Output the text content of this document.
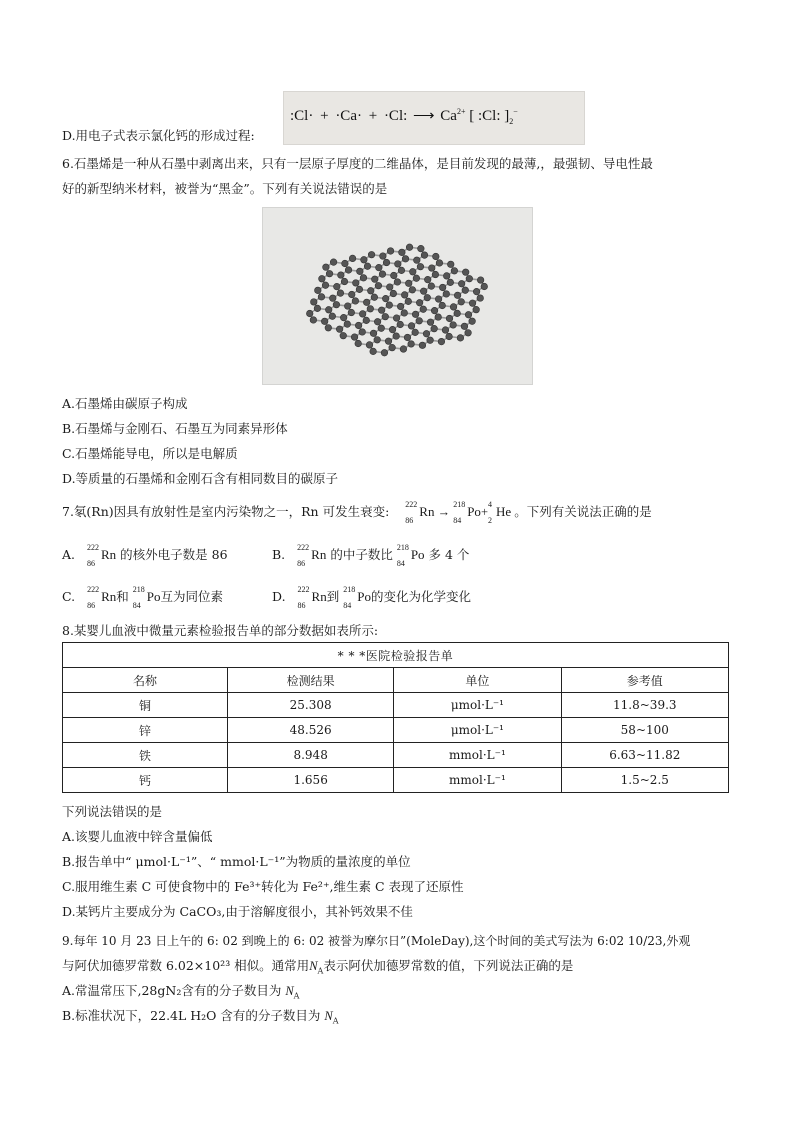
D.用电子式表示氯化钙的形成过程:
:Cl· + ·Ca· + ·Cl: ⟶ $Ca^{2+}$ [ :Cl: ]$_2^-$
6.石墨烯是一种从石墨中剥离出来，只有一层原子厚度的二维晶体，是目前发现的最薄,，最强韧、导电性最
好的新型纳米材料，被誉为“黑金”。下列有关说法错误的是
A.石墨烯由碳原子构成
B.石墨烯与金刚石、石墨互为同素异形体
C.石墨烯能导电，所以是电解质
D.等质量的石墨烯和金刚石含有相同数目的碳原子
7.氡(Rn)因具有放射性是室内污染物之一，Rn 可发生衰变: 222
86
Rn →
218
84
Po+
4
2
He 。下列有关说法正确的是
A. 222
86
Rn 的核外电子数是 86	B. 222
86
Rn 的中子数比 218
84
Po 多 4 个
C. 222
86
Rn和 218
84
Po互为同位素	D. 222
86
Rn到 218
84
Po的变化为化学变化
8.某婴儿血液中微量元素检验报告单的部分数据如表所示:
* * *医院检验报告单			
名称	检测结果	单位	参考值
铜	25.308	μmol·L⁻¹	11.8~39.3
锌	48.526	μmol·L⁻¹	58~100
铁	8.948	mmol·L⁻¹	6.63~11.82
钙	1.656	mmol·L⁻¹	1.5~2.5
下列说法错误的是
A.该婴儿血液中锌含量偏低
B.报告单中“ μmol·L⁻¹”、“ mmol·L⁻¹”为物质的量浓度的单位
C.服用维生素 C 可使食物中的 Fe³⁺转化为 Fe²⁺,维生素 C 表现了还原性
D.某钙片主要成分为 CaCO₃,由于溶解度很小，其补钙效果不佳
9.每年 10 月 23 日上午的 6: 02 到晚上的 6: 02 被誉为摩尔日”(MoleDay),这个时间的美式写法为 6:02 10/23,外观
与阿伏加德罗常数 6.02×10²³ 相似。通常用$N_A$表示阿伏加德罗常数的值，下列说法正确的是
A.常温常压下,28gN₂含有的分子数目为 $N_A$
B.标准状况下，22.4L H₂O 含有的分子数目为 $N_A$
